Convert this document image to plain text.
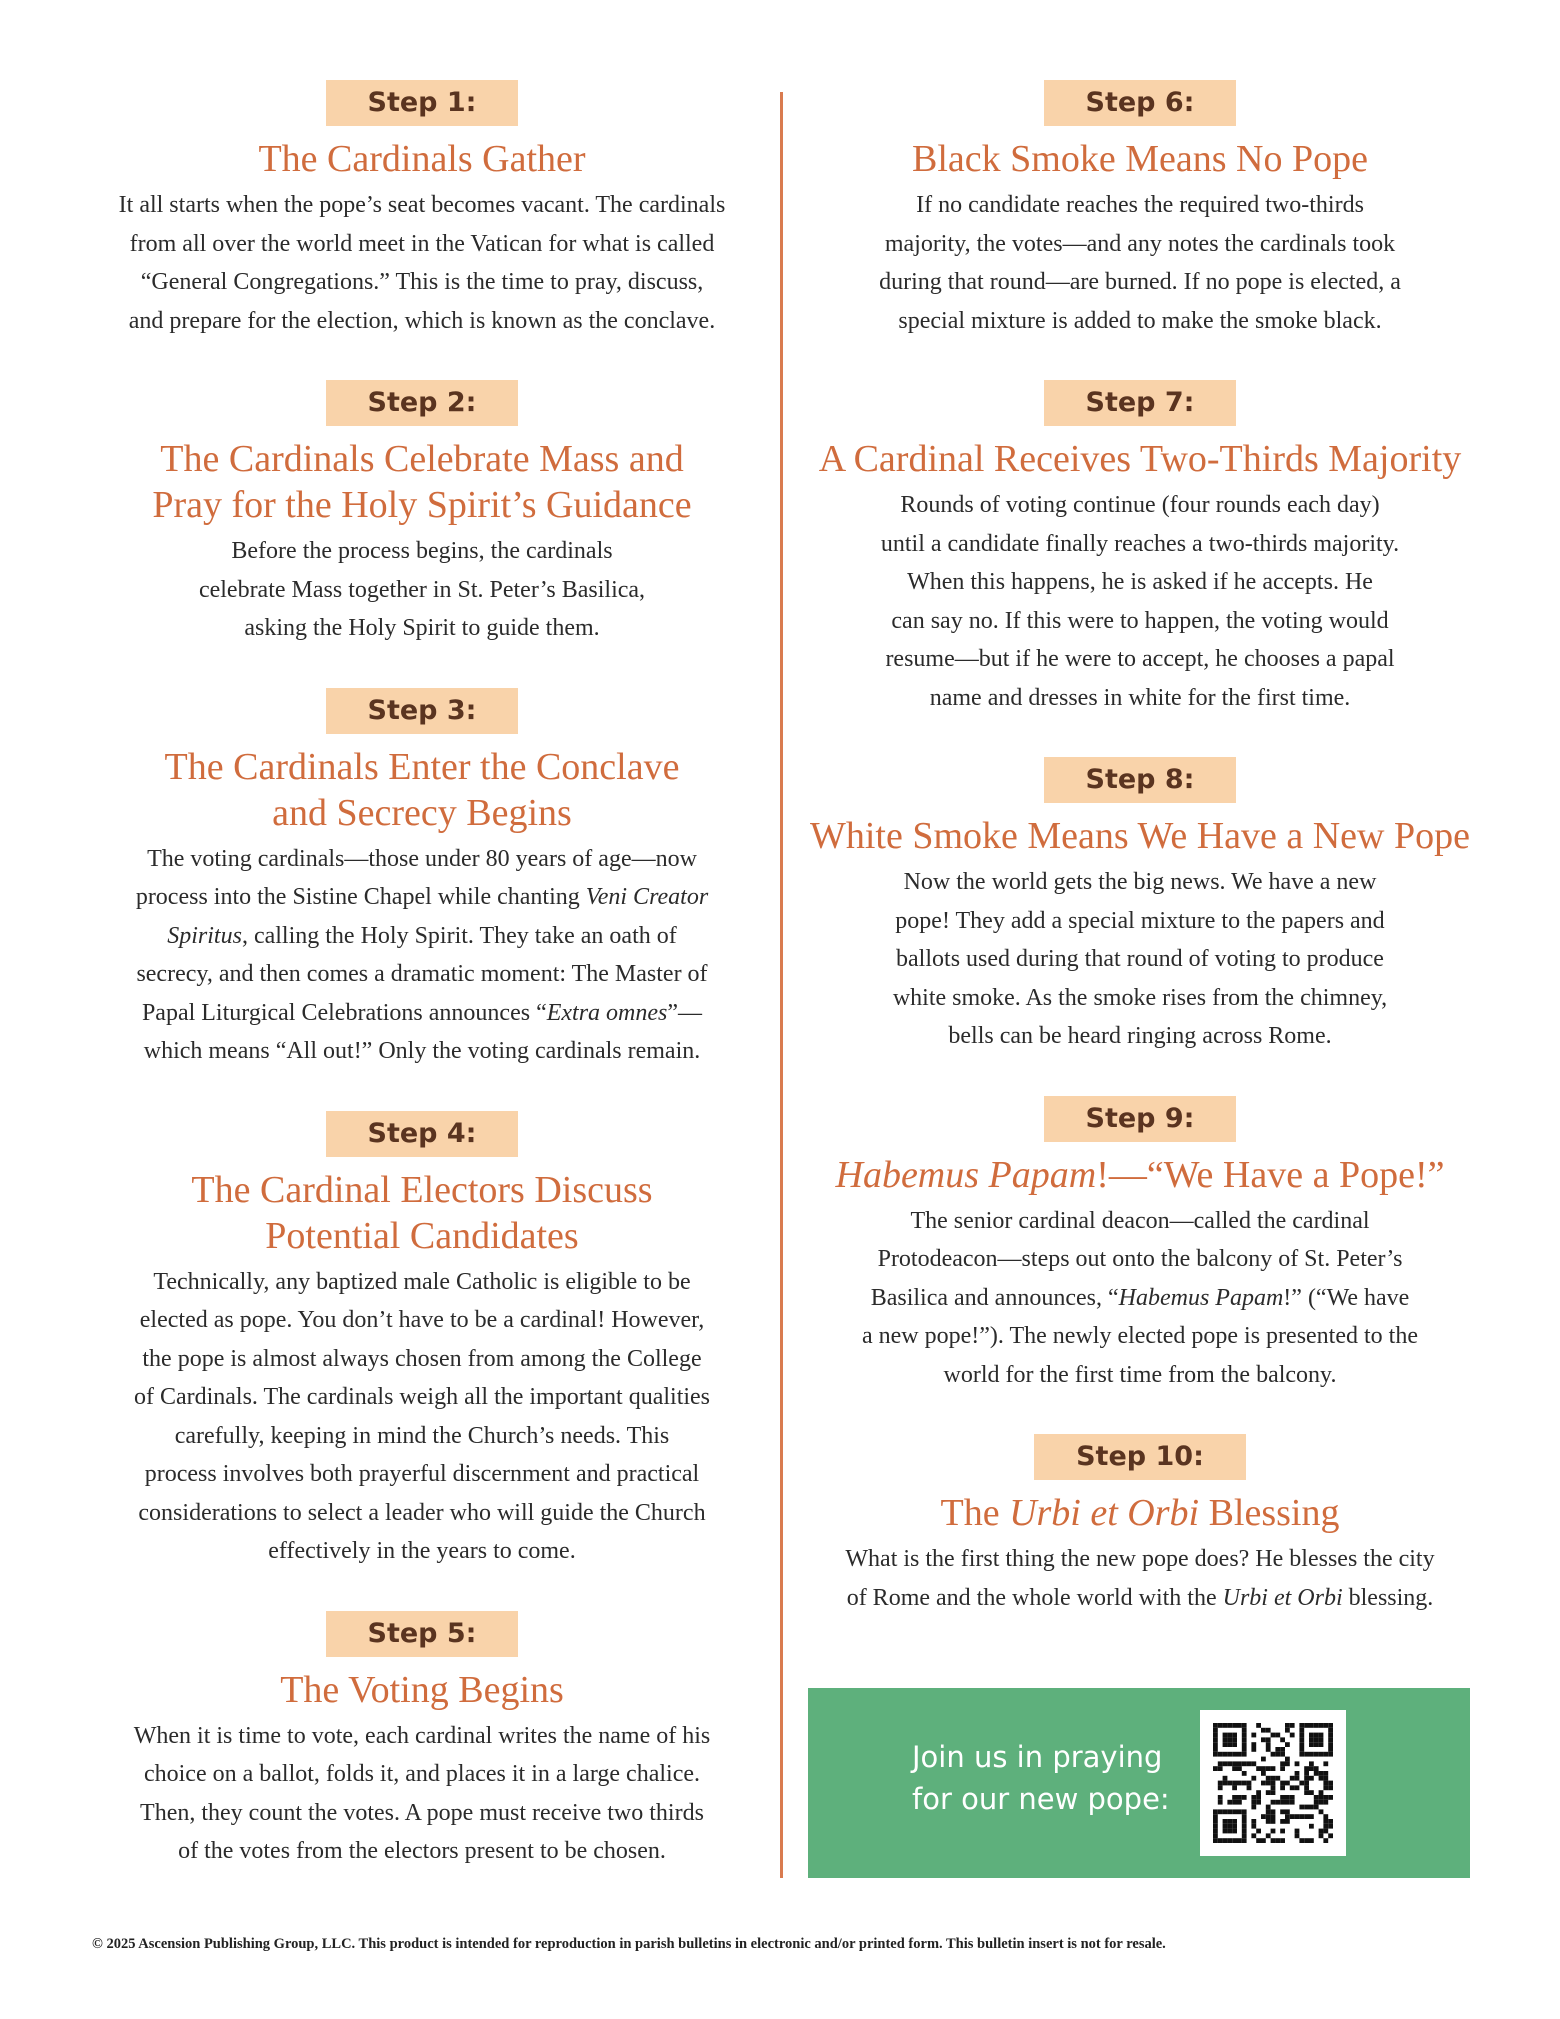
Step 1:
The Cardinals Gather
It all starts when the pope’s seat becomes vacant. The cardinals
from all over the world meet in the Vatican for what is called
“General Congregations.” This is the time to pray, discuss,
and prepare for the election, which is known as the conclave.
Step 2:
The Cardinals Celebrate Mass and
Pray for the Holy Spirit’s Guidance
Before the process begins, the cardinals
celebrate Mass together in St. Peter’s Basilica,
asking the Holy Spirit to guide them.
Step 3:
The Cardinals Enter the Conclave
and Secrecy Begins
The voting cardinals—those under 80 years of age—now
process into the Sistine Chapel while chanting Veni Creator
Spiritus, calling the Holy Spirit. They take an oath of
secrecy, and then comes a dramatic moment: The Master of
Papal Liturgical Celebrations announces “Extra omnes”—
which means “All out!” Only the voting cardinals remain.
Step 4:
The Cardinal Electors Discuss
Potential Candidates
Technically, any baptized male Catholic is eligible to be
elected as pope. You don’t have to be a cardinal! However,
the pope is almost always chosen from among the College
of Cardinals. The cardinals weigh all the important qualities
carefully, keeping in mind the Church’s needs. This
process involves both prayerful discernment and practical
considerations to select a leader who will guide the Church
effectively in the years to come.
Step 5:
The Voting Begins
When it is time to vote, each cardinal writes the name of his
choice on a ballot, folds it, and places it in a large chalice.
Then, they count the votes. A pope must receive two thirds
of the votes from the electors present to be chosen.
Step 6:
Black Smoke Means No Pope
If no candidate reaches the required two-thirds
majority, the votes—and any notes the cardinals took
during that round—are burned. If no pope is elected, a
special mixture is added to make the smoke black.
Step 7:
A Cardinal Receives Two-Thirds Majority
Rounds of voting continue (four rounds each day)
until a candidate finally reaches a two-thirds majority.
When this happens, he is asked if he accepts. He
can say no. If this were to happen, the voting would
resume—but if he were to accept, he chooses a papal
name and dresses in white for the first time.
Step 8:
White Smoke Means We Have a New Pope
Now the world gets the big news. We have a new
pope! They add a special mixture to the papers and
ballots used during that round of voting to produce
white smoke. As the smoke rises from the chimney,
bells can be heard ringing across Rome.
Step 9:
Habemus Papam!—“We Have a Pope!”
The senior cardinal deacon—called the cardinal
Protodeacon—steps out onto the balcony of St. Peter’s
Basilica and announces, “Habemus Papam!” (“We have
a new pope!”). The newly elected pope is presented to the
world for the first time from the balcony.
Step 10:
The Urbi et Orbi Blessing
What is the first thing the new pope does? He blesses the city
of Rome and the whole world with the Urbi et Orbi blessing.
Join us in praying
for our new pope:
© 2025 Ascension Publishing Group, LLC. This product is intended for reproduction in parish bulletins in electronic and/or printed form. This bulletin insert is not for resale.
